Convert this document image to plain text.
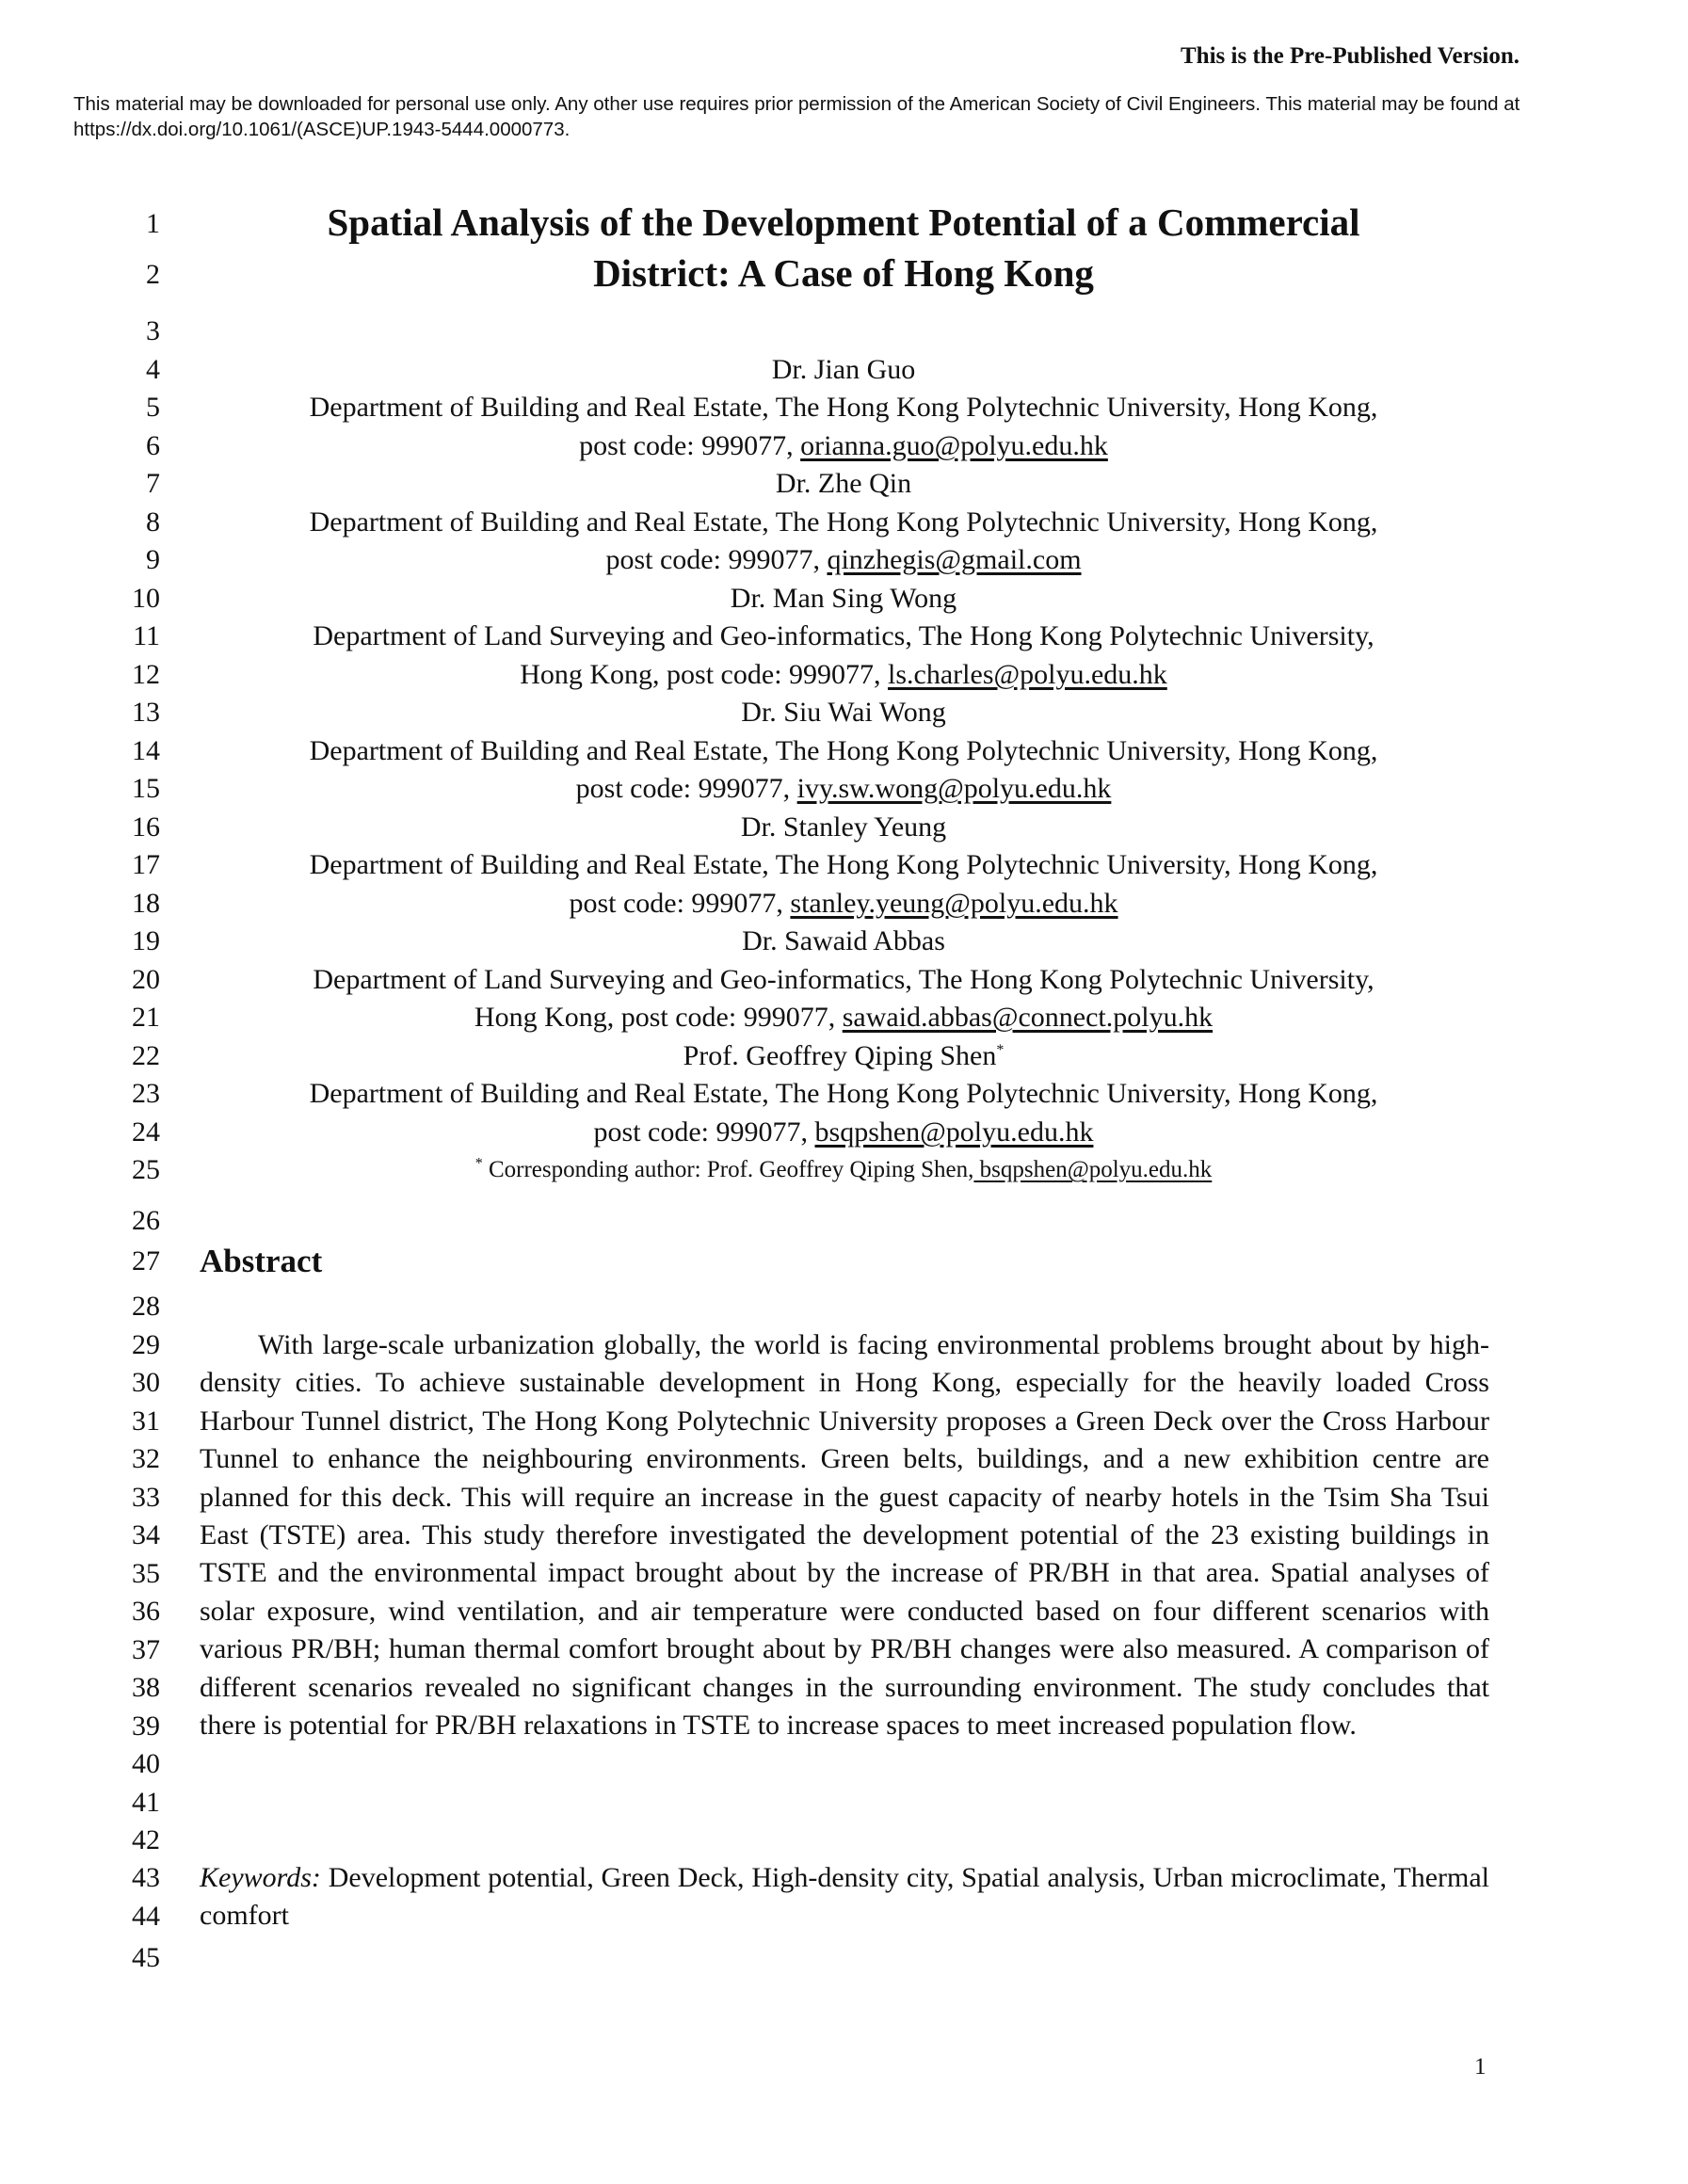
This is the Pre-Published Version.
This material may be downloaded for personal use only. Any other use requires prior permission of the American Society of Civil Engineers. This material may be found at https://dx.doi.org/10.1061/(ASCE)UP.1943-5444.0000773.
1
2
3
4
5
6
7
8
9
10
11
12
13
14
15
16
17
18
19
20
21
22
23
24
25
26
27
28
29
30
31
32
33
34
35
36
37
38
39
40
41
42
43
44
45
Spatial Analysis of the Development Potential of a Commercial
District: A Case of Hong Kong
Dr. Jian Guo
Department of Building and Real Estate, The Hong Kong Polytechnic University, Hong Kong,
post code: 999077, orianna.guo@polyu.edu.hk
Dr. Zhe Qin
Department of Building and Real Estate, The Hong Kong Polytechnic University, Hong Kong,
post code: 999077, qinzhegis@gmail.com
Dr. Man Sing Wong
Department of Land Surveying and Geo-informatics, The Hong Kong Polytechnic University,
Hong Kong, post code: 999077, ls.charles@polyu.edu.hk
Dr. Siu Wai Wong
Department of Building and Real Estate, The Hong Kong Polytechnic University, Hong Kong,
post code: 999077, ivy.sw.wong@polyu.edu.hk
Dr. Stanley Yeung
Department of Building and Real Estate, The Hong Kong Polytechnic University, Hong Kong,
post code: 999077, stanley.yeung@polyu.edu.hk
Dr. Sawaid Abbas
Department of Land Surveying and Geo-informatics, The Hong Kong Polytechnic University,
Hong Kong, post code: 999077, sawaid.abbas@connect.polyu.hk
Prof. Geoffrey Qiping Shen*
Department of Building and Real Estate, The Hong Kong Polytechnic University, Hong Kong,
post code: 999077, bsqpshen@polyu.edu.hk
* Corresponding author: Prof. Geoffrey Qiping Shen, bsqpshen@polyu.edu.hk
Abstract
With large-scale urbanization globally, the world is facing environmental problems brought about by high-density cities. To achieve sustainable development in Hong Kong, especially for the heavily loaded Cross Harbour Tunnel district, The Hong Kong Polytechnic University proposes a Green Deck over the Cross Harbour Tunnel to enhance the neighbouring environments. Green belts, buildings, and a new exhibition centre are planned for this deck. This will require an increase in the guest capacity of nearby hotels in the Tsim Sha Tsui East (TSTE) area. This study therefore investigated the development potential of the 23 existing buildings in TSTE and the environmental impact brought about by the increase of PR/BH in that area. Spatial analyses of solar exposure, wind ventilation, and air temperature were conducted based on four different scenarios with various PR/BH; human thermal comfort brought about by PR/BH changes were also measured. A comparison of different scenarios revealed no significant changes in the surrounding environment. The study concludes that there is potential for PR/BH relaxations in TSTE to increase spaces to meet increased population flow.
Keywords: Development potential, Green Deck, High-density city, Spatial analysis, Urban microclimate, Thermal comfort
1
